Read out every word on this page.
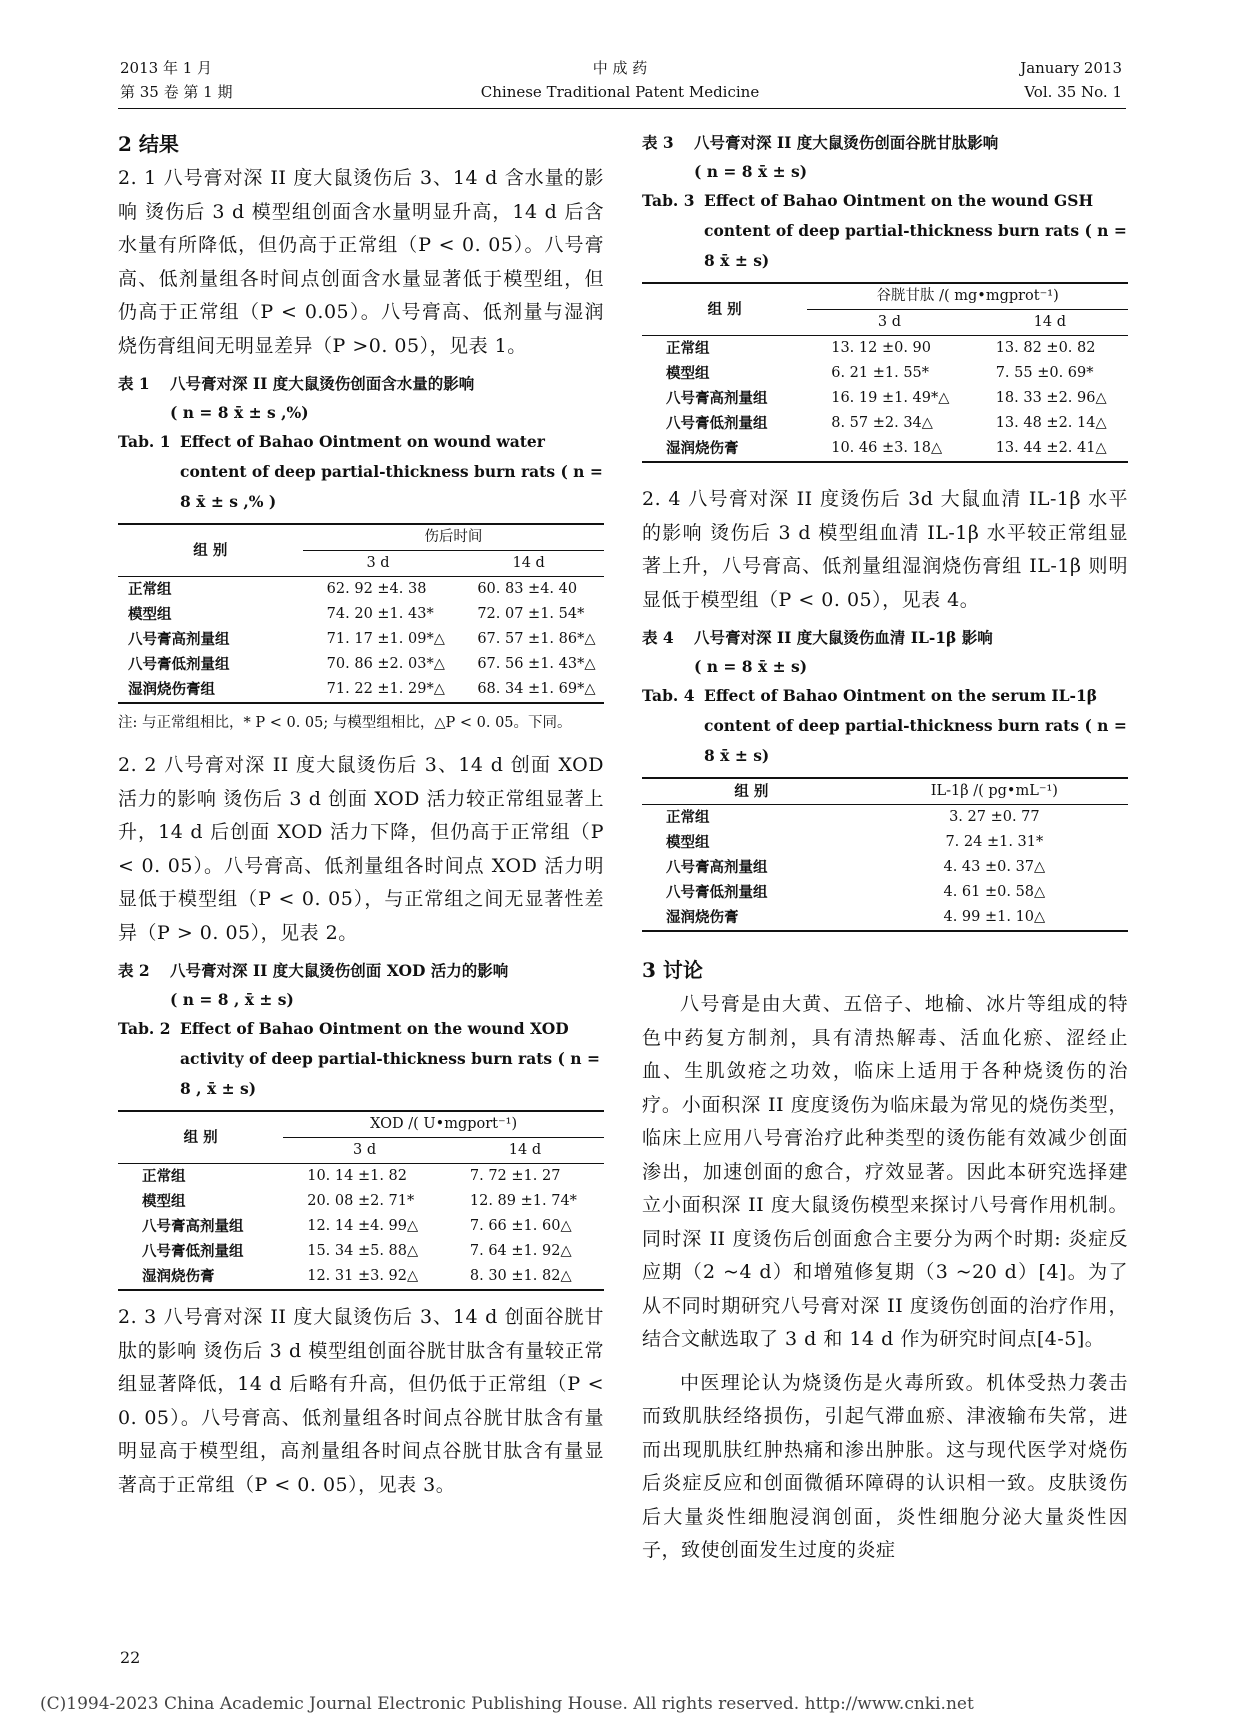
2013 年 1 月
第 35 卷 第 1 期
中 成 药
Chinese Traditional Patent Medicine
January 2013
Vol. 35 No. 1
2 结果

2. 1 八号膏对深 II 度大鼠烫伤后 3、14 d 含水量的影响 烫伤后 3 d 模型组创面含水量明显升高，14 d 后含水量有所降低，但仍高于正常组（P < 0. 05）。八号膏高、低剂量组各时间点创面含水量显著低于模型组，但仍高于正常组（P < 0.05）。八号膏高、低剂量与湿润烧伤膏组间无明显差异（P >0. 05），见表 1。

表 1 八号膏对深 II 度大鼠烫伤创面含水量的影响
( n = 8 x̄ ± s ,%)

Tab. 1 Effect of Bahao Ointment on wound water content of deep partial-thickness burn rats ( n = 8 x̄ ± s ,% )

组 别	伤后时间	
	3 d	14 d
正常组	62. 92 ±4. 38	60. 83 ±4. 40
模型组	74. 20 ±1. 43*	72. 07 ±1. 54*
八号膏高剂量组	71. 17 ±1. 09*△	67. 57 ±1. 86*△
八号膏低剂量组	70. 86 ±2. 03*△	67. 56 ±1. 43*△
湿润烧伤膏组	71. 22 ±1. 29*△	68. 34 ±1. 69*△

注: 与正常组相比，* P < 0. 05; 与模型组相比，△P < 0. 05。下同。

2. 2 八号膏对深 II 度大鼠烫伤后 3、14 d 创面 XOD 活力的影响 烫伤后 3 d 创面 XOD 活力较正常组显著上升，14 d 后创面 XOD 活力下降，但仍高于正常组（P < 0. 05）。八号膏高、低剂量组各时间点 XOD 活力明显低于模型组（P < 0. 05），与正常组之间无显著性差异（P > 0. 05），见表 2。

表 2 八号膏对深 II 度大鼠烫伤创面 XOD 活力的影响
( n = 8 , x̄ ± s)

Tab. 2 Effect of Bahao Ointment on the wound XOD activity of deep partial-thickness burn rats ( n = 8 , x̄ ± s)

组 别	XOD /( U•mgport⁻¹)	
	3 d	14 d
正常组	10. 14 ±1. 82	7. 72 ±1. 27
模型组	20. 08 ±2. 71*	12. 89 ±1. 74*
八号膏高剂量组	12. 14 ±4. 99△	7. 66 ±1. 60△
八号膏低剂量组	15. 34 ±5. 88△	7. 64 ±1. 92△
湿润烧伤膏	12. 31 ±3. 92△	8. 30 ±1. 82△

2. 3 八号膏对深 II 度大鼠烫伤后 3、14 d 创面谷胱甘肽的影响 烫伤后 3 d 模型组创面谷胱甘肽含有量较正常组显著降低，14 d 后略有升高，但仍低于正常组（P < 0. 05）。八号膏高、低剂量组各时间点谷胱甘肽含有量明显高于模型组，高剂量组各时间点谷胱甘肽含有量显著高于正常组（P < 0. 05），见表 3。

表 3 八号膏对深 II 度大鼠烫伤创面谷胱甘肽影响
( n = 8 x̄ ± s)

Tab. 3 Effect of Bahao Ointment on the wound GSH content of deep partial-thickness burn rats ( n = 8 x̄ ± s)

组 别	谷胱甘肽 /( mg•mgprot⁻¹)	
	3 d	14 d
正常组	13. 12 ±0. 90	13. 82 ±0. 82
模型组	6. 21 ±1. 55*	7. 55 ±0. 69*
八号膏高剂量组	16. 19 ±1. 49*△	18. 33 ±2. 96△
八号膏低剂量组	8. 57 ±2. 34△	13. 48 ±2. 14△
湿润烧伤膏	10. 46 ±3. 18△	13. 44 ±2. 41△

2. 4 八号膏对深 II 度烫伤后 3d 大鼠血清 IL-1β 水平的影响 烫伤后 3 d 模型组血清 IL-1β 水平较正常组显著上升，八号膏高、低剂量组湿润烧伤膏组 IL-1β 则明显低于模型组（P < 0. 05），见表 4。

表 4 八号膏对深 II 度大鼠烫伤血清 IL-1β 影响
( n = 8 x̄ ± s)

Tab. 4 Effect of Bahao Ointment on the serum IL-1β content of deep partial-thickness burn rats ( n = 8 x̄ ± s)

组 别	IL-1β /( pg•mL⁻¹)
正常组	3. 27 ±0. 77
模型组	7. 24 ±1. 31*
八号膏高剂量组	4. 43 ±0. 37△
八号膏低剂量组	4. 61 ±0. 58△
湿润烧伤膏	4. 99 ±1. 10△
3 讨论

八号膏是由大黄、五倍子、地榆、冰片等组成的特色中药复方制剂，具有清热解毒、活血化瘀、涩经止血、生肌敛疮之功效，临床上适用于各种烧烫伤的治疗。小面积深 II 度度烫伤为临床最为常见的烧伤类型，临床上应用八号膏治疗此种类型的烫伤能有效减少创面渗出，加速创面的愈合，疗效显著。因此本研究选择建立小面积深 II 度大鼠烫伤模型来探讨八号膏作用机制。同时深 II 度烫伤后创面愈合主要分为两个时期: 炎症反应期（2 ~4 d）和增殖修复期（3 ~20 d）[4]。为了从不同时期研究八号膏对深 II 度烫伤创面的治疗作用，结合文献选取了 3 d 和 14 d 作为研究时间点[4-5]。

中医理论认为烧烫伤是火毒所致。机体受热力袭击而致肌肤经络损伤，引起气滞血瘀、津液输布失常，进而出现肌肤红肿热痛和渗出肿胀。这与现代医学对烧伤后炎症反应和创面微循环障碍的认识相一致。皮肤烫伤后大量炎性细胞浸润创面，炎性细胞分泌大量炎性因子，致使创面发生过度的炎症

22
(C)1994-2023 China Academic Journal Electronic Publishing House. All rights reserved. http://www.cnki.net
